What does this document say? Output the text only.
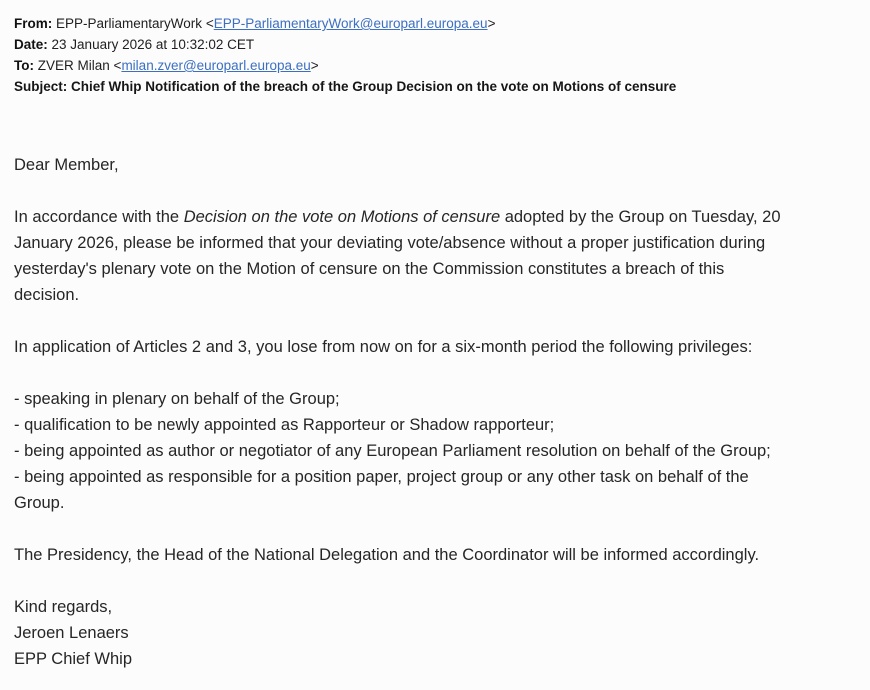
From: EPP-ParliamentaryWork <EPP-ParliamentaryWork@europarl.europa.eu>
Date: 23 January 2026 at 10:32:02 CET
To: ZVER Milan <milan.zver@europarl.europa.eu>
Subject: Chief Whip Notification of the breach of the Group Decision on the vote on Motions of censure

Dear Member,

In accordance with the Decision on the vote on Motions of censure adopted by the Group on Tuesday, 20
January 2026, please be informed that your deviating vote/absence without a proper justification during
yesterday's plenary vote on the Motion of censure on the Commission constitutes a breach of this
decision.

In application of Articles 2 and 3, you lose from now on for a six-month period the following privileges:

- speaking in plenary on behalf of the Group;
- qualification to be newly appointed as Rapporteur or Shadow rapporteur;
- being appointed as author or negotiator of any European Parliament resolution on behalf of the Group;
- being appointed as responsible for a position paper, project group or any other task on behalf of the
Group.

The Presidency, the Head of the National Delegation and the Coordinator will be informed accordingly.

Kind regards,

Jeroen Lenaers

EPP Chief Whip
